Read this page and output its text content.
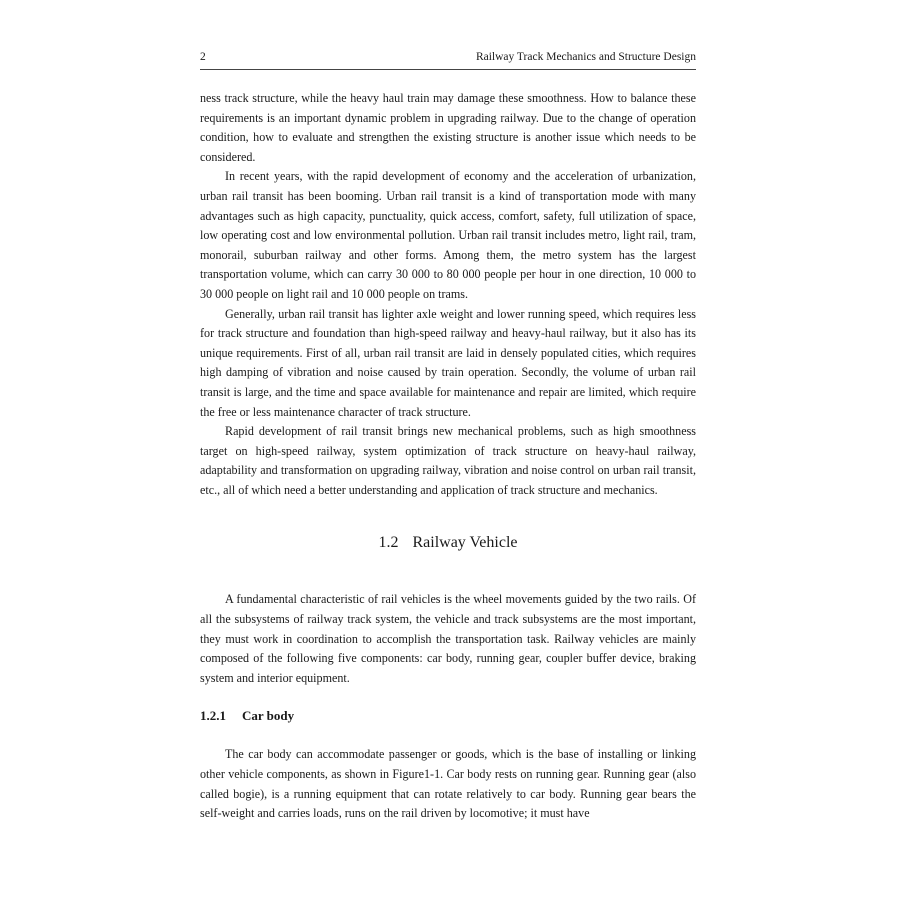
2	Railway Track Mechanics and Structure Design

ness track structure, while the heavy haul train may damage these smoothness. How to balance these requirements is an important dynamic problem in upgrading railway. Due to the change of operation condition, how to evaluate and strengthen the existing structure is another issue which needs to be considered.

In recent years, with the rapid development of economy and the acceleration of urbanization, urban rail transit has been booming. Urban rail transit is a kind of transportation mode with many advantages such as high capacity, punctuality, quick access, comfort, safety, full utilization of space, low operating cost and low environmental pollution. Urban rail transit includes metro, light rail, tram, monorail, suburban railway and other forms. Among them, the metro system has the largest transportation volume, which can carry 30 000 to 80 000 people per hour in one direction, 10 000 to 30 000 people on light rail and 10 000 people on trams.

Generally, urban rail transit has lighter axle weight and lower running speed, which requires less for track structure and foundation than high-speed railway and heavy-haul railway, but it also has its unique requirements. First of all, urban rail transit are laid in densely populated cities, which requires high damping of vibration and noise caused by train operation. Secondly, the volume of urban rail transit is large, and the time and space available for maintenance and repair are limited, which require the free or less maintenance character of track structure.

Rapid development of rail transit brings new mechanical problems, such as high smoothness target on high-speed railway, system optimization of track structure on heavy-haul railway, adaptability and transformation on upgrading railway, vibration and noise control on urban rail transit, etc., all of which need a better understanding and application of track structure and mechanics.

1.2 Railway Vehicle

A fundamental characteristic of rail vehicles is the wheel movements guided by the two rails. Of all the subsystems of railway track system, the vehicle and track subsystems are the most important, they must work in coordination to accomplish the transportation task. Railway vehicles are mainly composed of the following five components: car body, running gear, coupler buffer device, braking system and interior equipment.

1.2.1 Car body

The car body can accommodate passenger or goods, which is the base of installing or linking other vehicle components, as shown in Figure1-1. Car body rests on running gear. Running gear (also called bogie), is a running equipment that can rotate relatively to car body. Running gear bears the self-weight and carries loads, runs on the rail driven by locomotive; it must have
